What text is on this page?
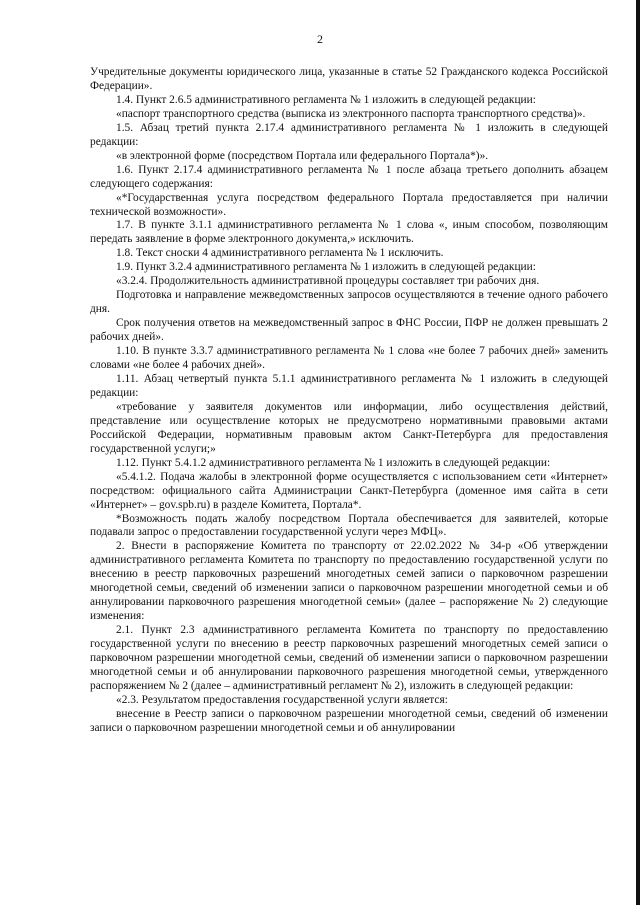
2

Учредительные документы юридического лица, указанные в статье 52 Гражданского кодекса Российской Федерации».

1.4. Пункт 2.6.5 административного регламента № 1 изложить в следующей редакции:

«паспорт транспортного средства (выписка из электронного паспорта транспортного средства)».

1.5. Абзац третий пункта 2.17.4 административного регламента № 1 изложить в следующей редакции:

«в электронной форме (посредством Портала или федерального Портала*)».

1.6. Пункт 2.17.4 административного регламента № 1 после абзаца третьего дополнить абзацем следующего содержания:

«*Государственная услуга посредством федерального Портала предоставляется при наличии технической возможности».

1.7. В пункте 3.1.1 административного регламента № 1 слова «, иным способом, позволяющим передать заявление в форме электронного документа,» исключить.

1.8. Текст сноски 4 административного регламента № 1 исключить.

1.9. Пункт 3.2.4 административного регламента № 1 изложить в следующей редакции:

«3.2.4. Продолжительность административной процедуры составляет три рабочих дня.

Подготовка и направление межведомственных запросов осуществляются в течение одного рабочего дня.

Срок получения ответов на межведомственный запрос в ФНС России, ПФР не должен превышать 2 рабочих дней».

1.10. В пункте 3.3.7 административного регламента № 1 слова «не более 7 рабочих дней» заменить словами «не более 4 рабочих дней».

1.11. Абзац четвертый пункта 5.1.1 административного регламента № 1 изложить в следующей редакции:

«требование у заявителя документов или информации, либо осуществления действий, представление или осуществление которых не предусмотрено нормативными правовыми актами Российской Федерации, нормативным правовым актом Санкт-Петербурга для предоставления государственной услуги;»

1.12. Пункт 5.4.1.2 административного регламента № 1 изложить в следующей редакции:

«5.4.1.2. Подача жалобы в электронной форме осуществляется с использованием сети «Интернет» посредством: официального сайта Администрации Санкт-Петербурга (доменное имя сайта в сети «Интернет» – gov.spb.ru) в разделе Комитета, Портала*.

*Возможность подать жалобу посредством Портала обеспечивается для заявителей, которые подавали запрос о предоставлении государственной услуги через МФЦ».

2. Внести в распоряжение Комитета по транспорту от 22.02.2022 № 34-р «Об утверждении административного регламента Комитета по транспорту по предоставлению государственной услуги по внесению в реестр парковочных разрешений многодетных семей записи о парковочном разрешении многодетной семьи, сведений об изменении записи о парковочном разрешении многодетной семьи и об аннулировании парковочного разрешения многодетной семьи» (далее – распоряжение № 2) следующие изменения:

2.1. Пункт 2.3 административного регламента Комитета по транспорту по предоставлению государственной услуги по внесению в реестр парковочных разрешений многодетных семей записи о парковочном разрешении многодетной семьи, сведений об изменении записи о парковочном разрешении многодетной семьи и об аннулировании парковочного разрешения многодетной семьи, утвержденного распоряжением № 2 (далее – административный регламент № 2), изложить в следующей редакции:

«2.3. Результатом предоставления государственной услуги является:

внесение в Реестр записи о парковочном разрешении многодетной семьи, сведений об изменении записи о парковочном разрешении многодетной семьи и об аннулировании
